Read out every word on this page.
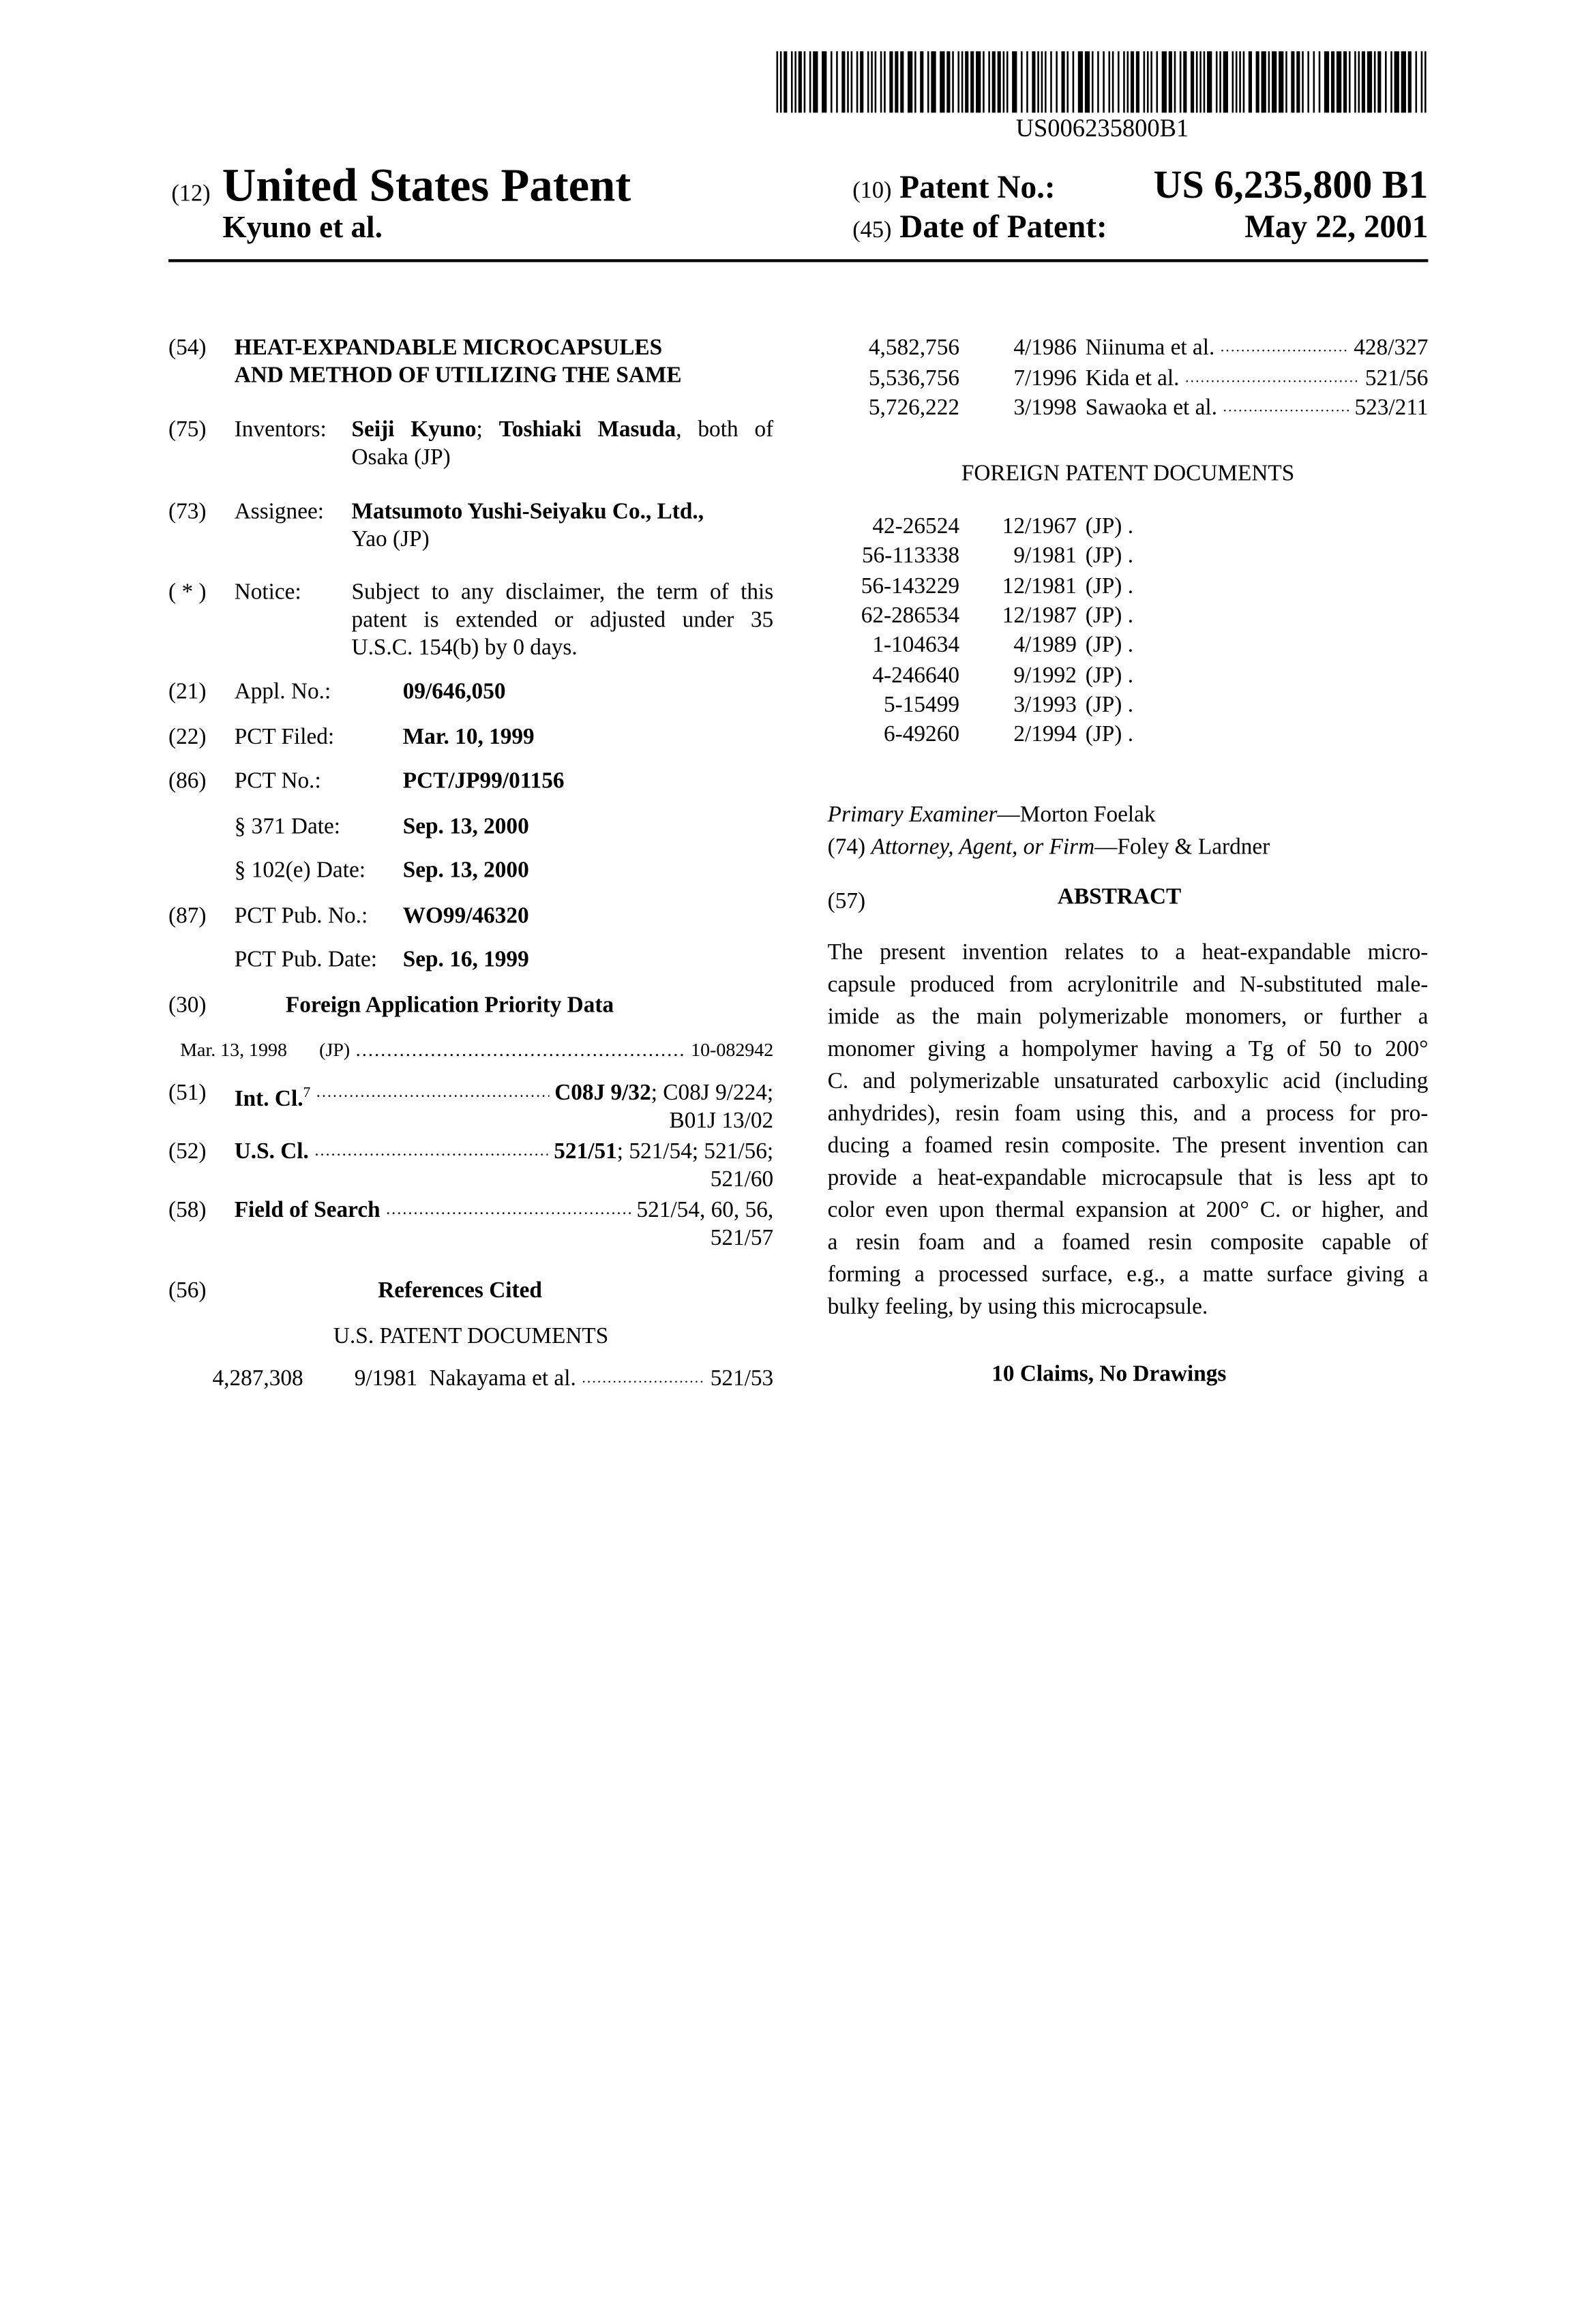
US006235800B1
(12) United States Patent
Kyuno et al.
(10) Patent No.:	US 6,235,800 B1
(45) Date of Patent:	May 22, 2001
(54)	HEAT-EXPANDABLE MICROCAPSULES
AND METHOD OF UTILIZING THE SAME
(75)	Inventors: Seiji Kyuno; Toshiaki Masuda, both of
Osaka (JP)
(73)	Assignee:	Matsumoto Yushi-Seiyaku Co., Ltd.,
Yao (JP)
( * )	Notice:	Subject to any disclaimer, the term of this
patent is extended or adjusted under 35
U.S.C. 154(b) by 0 days.
(21)	Appl. No.:	09/646,050
(22)	PCT Filed:	Mar. 10, 1999
(86)	PCT No.:	PCT/JP99/01156
§ 371 Date:	Sep. 13, 2000
§ 102(e) Date:	Sep. 13, 2000
(87)	PCT Pub. No.:	WO99/46320
PCT Pub. Date: Sep. 16, 1999
(30)	Foreign Application Priority Data
Mar. 13, 1998	(JP) ....................................................	10-082942
(51)	Int. Cl.7 .......................................... C08J 9/32; C08J 9/224;
B01J 13/02
(52)	U.S. Cl. .......................................... 521/51; 521/54; 521/56;
521/60
(58)	Field of Search ............................................ 521/54, 60, 56,
521/57
(56)	References Cited
U.S. PATENT DOCUMENTS
4,287,308	9/1981 Nakayama et al. ......................... 521/53
FOREIGN PATENT DOCUMENTS
Primary Examiner—Morton Foelak
(74) Attorney, Agent, or Firm—Foley & Lardner
(57)	ABSTRACT
The present invention relates to a heat-expandable micro-
capsule produced from acrylonitrile and N-substituted male-
imide as the main polymerizable monomers, or further a
monomer giving a hompolymer having a Tg of 50 to 200°
C. and polymerizable unsaturated carboxylic acid (including
anhydrides), resin foam using this, and a process for pro-
ducing a foamed resin composite. The present invention can
provide a heat-expandable microcapsule that is less apt to
color even upon thermal expansion at 200° C. or higher, and
a resin foam and a foamed resin composite capable of
forming a processed surface, e.g., a matte surface giving a
bulky feeling, by using this microcapsule.
10 Claims, No Drawings
4,582,756	4/1986 Niinuma et al. ......................... 428/327
5,536,756	7/1996 Kida et al. .................................. 521/56
5,726,222	3/1998 Sawaoka et al. ......................... 523/211
42-26524	12/1967 (JP) .
56-113338	9/1981 (JP) .
56-143229	12/1981 (JP) .
62-286534	12/1987 (JP) .
1-104634	4/1989 (JP) .
4-246640	9/1992 (JP) .
5-15499	3/1993 (JP) .
6-49260	2/1994 (JP) .
